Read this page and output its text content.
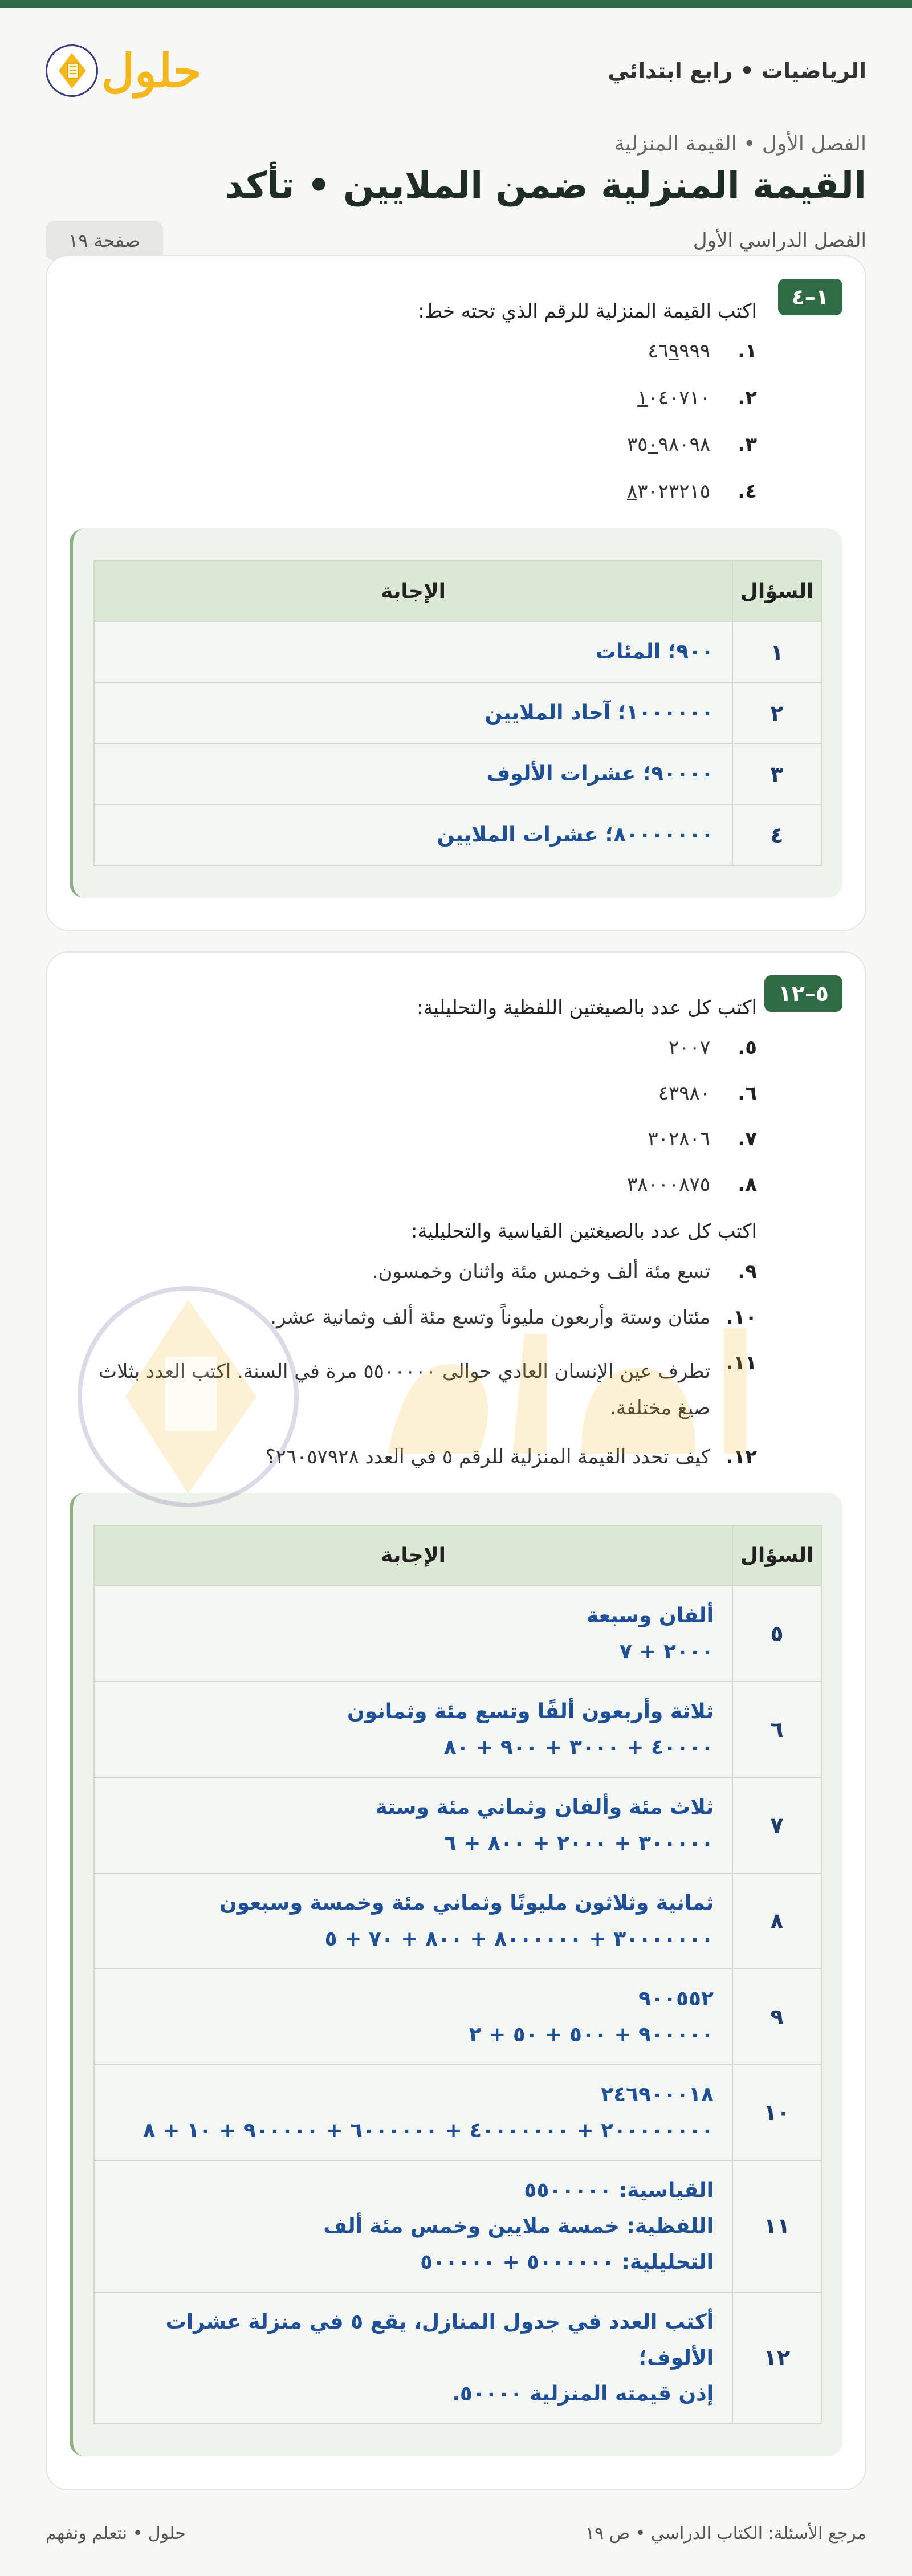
الرياضيات • رابع ابتدائي
حلول
الفصل الأول • القيمة المنزلية
القيمة المنزلية ضمن الملايين • تأكد
الفصل الدراسي الأول
صفحة ١٩
١–٤

اكتب القيمة المنزلية للرقم الذي تحته خط:

١.
٤٦٩٩٩٩
٢.
١٠٤٠٧١٠
٣.
٣٥٠٩٨٠٩٨
٤.
٨٣٠٢٣٢١٥
السؤال	الإجابة
١	٩٠٠؛ المئات
٢	١٠٠٠٠٠٠؛ آحاد الملايين
٣	٩٠٠٠٠؛ عشرات الألوف
٤	٨٠٠٠٠٠٠٠؛ عشرات الملايين
٥–١٢

اكتب كل عدد بالصيغتين اللفظية والتحليلية:

٥.
٢٠٠٧
٦.
٤٣٩٨٠
٧.
٣٠٢٨٠٦
٨.
٣٨٠٠٠٨٧٥

اكتب كل عدد بالصيغتين القياسية والتحليلية:

٩.
تسع مئة ألف وخمس مئة واثنان وخمسون.
١٠.
مئتان وستة وأربعون مليوناً وتسع مئة ألف وثمانية عشر.
١١.
تطرف عين الإنسان العادي حوالى ٥٥٠٠٠٠٠ مرة في السنة. اكتب العدد بثلاث صيغ مختلفة.
١٢.
كيف تحدد القيمة المنزلية للرقم ٥ في العدد ٢٦٠٥٧٩٢٨؟
السؤال	الإجابة
٥	ألفان وسبعة
٢٠٠٠ + ٧

٦	ثلاثة وأربعون ألفًا وتسع مئة وثمانون
٤٠٠٠٠ + ٣٠٠٠ + ٩٠٠ + ٨٠

٧	ثلاث مئة وألفان وثماني مئة وستة
٣٠٠٠٠٠ + ٢٠٠٠ + ٨٠٠ + ٦

٨	ثمانية وثلاثون مليونًا وثماني مئة وخمسة وسبعون
٣٠٠٠٠٠٠٠ + ٨٠٠٠٠٠٠ + ٨٠٠ + ٧٠ + ٥

٩	٩٠٠٥٥٢
٩٠٠٠٠٠ + ٥٠٠ + ٥٠ + ٢

١٠	٢٤٦٩٠٠٠١٨
٢٠٠٠٠٠٠٠٠ + ٤٠٠٠٠٠٠٠ + ٦٠٠٠٠٠٠ + ٩٠٠٠٠٠ + ١٠ + ٨

١١	القياسية: ٥٥٠٠٠٠٠
اللفظية: خمسة ملايين وخمس مئة ألف
التحليلية: ٥٠٠٠٠٠٠ + ٥٠٠٠٠٠

١٢	أكتب العدد في جدول المنازل، يقع ٥ في منزلة عشرات الألوف؛
إذن قيمته المنزلية ٥٠٠٠٠.
مرجع الأسئلة: الكتاب الدراسي • ص ١٩
حلول • نتعلم ونفهم
